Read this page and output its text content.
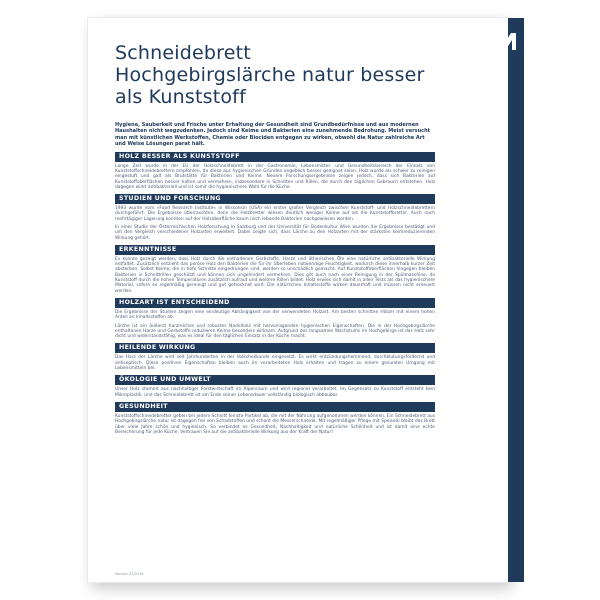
INFORMATIONSBLATT zu "Großes Schneidebrett Hochgebirgslärche natur" [101207]
Schneidebrett Hochgebirgslärche natur besser als Kunststoff
Hygiene, Sauberkeit und Frische unter Erhaltung der Gesundheit sind Grundbedürfnisse und aus modernen Haushalten nicht wegzudenken. Jedoch sind Keime und Bakterien eine zunehmende Bedrohung. Meist versucht man mit künstlichen Werkstoffen, Chemie oder Biociden entgegen zu wirken, obwohl die Natur zahlreiche Art und Weise Lösungen parat hält.
HOLZ BESSER ALS KUNSTSTOFF

Lange Zeit wurde in der EU der Holzschneidebrett in der Gastronomie, Lebensmittel- und Gesundheitsbereich der Einsatz von Kunststoffschneidebrettern empfohlen, da diese aus hygienischen Gründen angeblich besser geeignet seien. Holz wurde als schwer zu reinigen eingestuft und galt als Brutstätte für Bakterien und Keime. Neuere Forschungsergebnisse zeigen jedoch, dass sich Bakterien auf Kunststoffoberflächen besser halten und vermehren, insbesondere in Schnitten und Rillen, die durch den täglichen Gebrauch entstehen. Holz dagegen wirkt antibakteriell und ist somit die hygienischere Wahl für die Küche.

STUDIEN UND FORSCHUNG

1993 wurde vom »Food Research Institute« in Wisconsin (USA) ein erster großer Vergleich zwischen Kunststoff- und Holzschneidebrettern durchgeführt. Die Ergebnisse überraschten, denn die Holzbretter wiesen deutlich weniger Keime auf als die Kunststoffbretter. Auch nach mehrtägiger Lagerung konnten auf der Holzoberfläche kaum noch lebende Bakterien nachgewiesen werden.

In einer Studie der Österreichischen Holzforschung in Salzburg und der Universität für Bodenkultur Wien wurden die Ergebnisse bestätigt und um den Vergleich verschiedener Holzarten erweitert. Dabei zeigte sich, dass Lärche zu den Holzarten mit der stärksten keimreduzierenden Wirkung gehört.

ERKENNTNISSE

Es konnte gezeigt werden, dass Holz durch die enthaltenen Gerbstoffe, Harze und ätherischen Öle eine natürliche antibakterielle Wirkung entfaltet. Zusätzlich entzieht das poröse Holz den Bakterien die für ihr Überleben notwendige Feuchtigkeit, wodurch diese innerhalb kurzer Zeit absterben. Selbst Keime, die in tiefe Schnitte eingedrungen sind, werden so unschädlich gemacht. Auf Kunststoffoberflächen hingegen bleiben Bakterien in Schnittrillen geschützt und können sich ungehindert vermehren. Dies gilt auch nach einer Reinigung in der Spülmaschine, da Kunststoff durch die hohen Temperaturen zusätzlich aufraut und weitere Rillen bildet. Holz erwies sich damit in allen Tests als das hygienischere Material, sofern es regelmäßig gereinigt und gut getrocknet wird. Die natürlichen Inhaltsstoffe wirken dauerhaft und müssen nicht erneuert werden.

HOLZART IST ENTSCHEIDEND

Die Ergebnisse der Studien zeigen eine eindeutige Abhängigkeit von der verwendeten Holzart. Am besten schnitten Hölzer mit einem hohen Anteil an Inhaltsstoffen ab.

Lärche ist ein äußerst harzreiches und robustes Nadelholz mit hervorragenden hygienischen Eigenschaften. Die in der Hochgebirgslärche enthaltenen Harze und Gerbstoffe reduzieren Keime besonders wirksam. Aufgrund des langsamen Wachstums im Hochgebirge ist das Holz sehr dicht und widerstandsfähig, was es ideal für den täglichen Einsatz in der Küche macht.

HEILENDE WIRKUNG

Das Harz der Lärche wird seit Jahrhunderten in der Volksheilkunde eingesetzt. Es wirkt entzündungshemmend, durchblutungsfördernd und antiseptisch. Diese positiven Eigenschaften bleiben auch im verarbeiteten Holz erhalten und tragen zu einem gesunden Umgang mit Lebensmitteln bei.

ÖKOLOGIE UND UMWELT

Unser Holz stammt aus nachhaltiger Forstwirtschaft im Alpenraum und wird regional verarbeitet. Im Gegensatz zu Kunststoff entsteht kein Mikroplastik, und das Schneidebrett ist am Ende seiner Lebensdauer vollständig biologisch abbaubar.

GESUNDHEIT

Kunststoffschneidebretter geben bei jedem Schnitt feinste Partikel ab, die mit der Nahrung aufgenommen werden können. Ein Schneidebrett aus Hochgebirgslärche natur ist dagegen frei von Schadstoffen und schont die Messerschneide. Mit regelmäßiger Pflege mit Speiseöl bleibt das Brett über viele Jahre schön und hygienisch. So verbindet es Gesundheit, Nachhaltigkeit und natürliche Schönheit und ist damit eine echte Bereicherung für jede Küche. Vertrauen Sie auf die antibakterielle Wirkung aus der Kraft der Natur!

Version 07/2019
